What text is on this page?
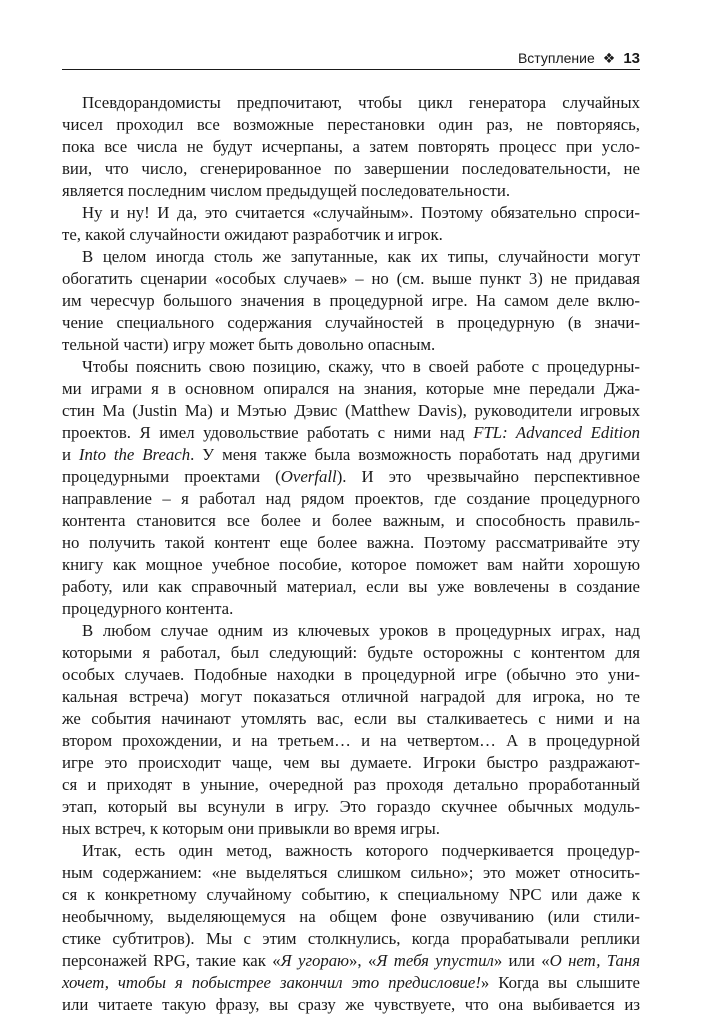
Вступление ❖ 13
Псевдорандомисты предпочитают, чтобы цикл генератора случайных
чисел проходил все возможные перестановки один раз, не повторяясь,
пока все числа не будут исчерпаны, а затем повторять процесс при усло-
вии, что число, сгенерированное по завершении последовательности, не
является последним числом предыдущей последовательности.
Ну и ну! И да, это считается «случайным». Поэтому обязательно спроси-
те, какой случайности ожидают разработчик и игрок.
В целом иногда столь же запутанные, как их типы, случайности могут
обогатить сценарии «особых случаев» – но (см. выше пункт 3) не придавая
им чересчур большого значения в процедурной игре. На самом деле вклю-
чение специального содержания случайностей в процедурную (в значи-
тельной части) игру может быть довольно опасным.
Чтобы пояснить свою позицию, скажу, что в своей работе с процедурны-
ми играми я в основном опирался на знания, которые мне передали Джа-
стин Ма (Justin Ma) и Мэтью Дэвис (Matthew Davis), руководители игровых
проектов. Я имел удовольствие работать с ними над FTL: Advanced Edition
и Into the Breach. У меня также была возможность поработать над другими
процедурными проектами (Overfall). И это чрезвычайно перспективное
направление – я работал над рядом проектов, где создание процедурного
контента становится все более и более важным, и способность правиль-
но получить такой контент еще более важна. Поэтому рассматривайте эту
книгу как мощное учебное пособие, которое поможет вам найти хорошую
работу, или как справочный материал, если вы уже вовлечены в создание
процедурного контента.
В любом случае одним из ключевых уроков в процедурных играх, над
которыми я работал, был следующий: будьте осторожны с контентом для
особых случаев. Подобные находки в процедурной игре (обычно это уни-
кальная встреча) могут показаться отличной наградой для игрока, но те
же события начинают утомлять вас, если вы сталкиваетесь с ними и на
втором прохождении, и на третьем… и на четвертом… А в процедурной
игре это происходит чаще, чем вы думаете. Игроки быстро раздражают-
ся и приходят в уныние, очередной раз проходя детально проработанный
этап, который вы всунули в игру. Это гораздо скучнее обычных модуль-
ных встреч, к которым они привыкли во время игры.
Итак, есть один метод, важность которого подчеркивается процедур-
ным содержанием: «не выделяться слишком сильно»; это может относить-
ся к конкретному случайному событию, к специальному NPC или даже к
необычному, выделяющемуся на общем фоне озвучиванию (или стили-
стике субтитров). Мы с этим столкнулись, когда прорабатывали реплики
персонажей RPG, такие как «Я угораю», «Я тебя упустил» или «О нет, Таня
хочет, чтобы я побыстрее закончил это предисловие!» Когда вы слышите
или читаете такую фразу, вы сразу же чувствуете, что она выбивается из
